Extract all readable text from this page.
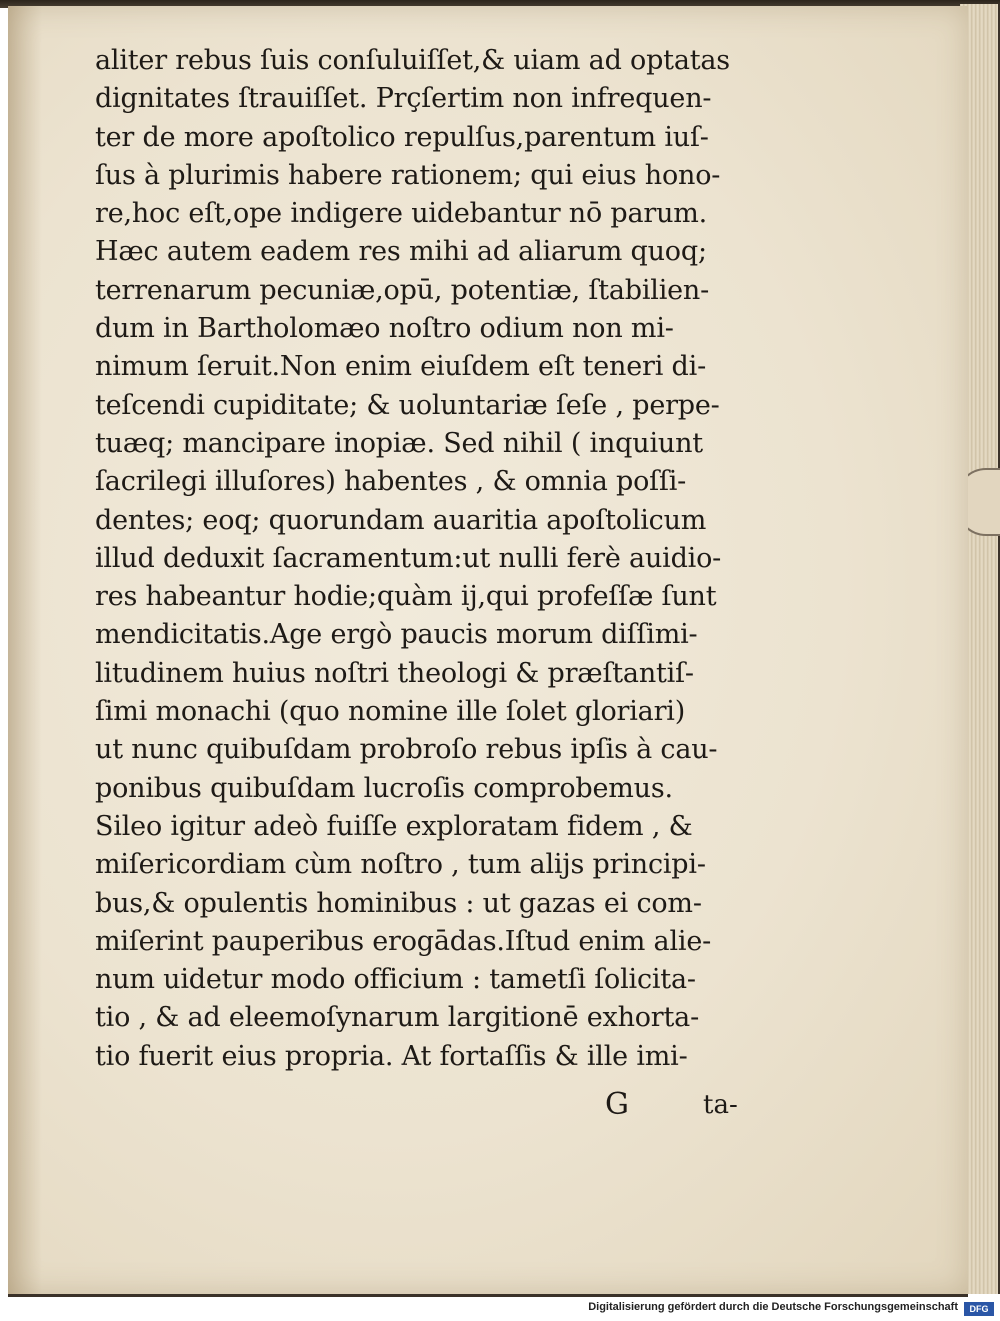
aliter rebus ſuis conſuluiſſet,& uiam ad optatas
dignitates ſtrauiſſet. Prçſertim non infrequen-
ter de more apoſtolico repulſus,parentum iuſ-
ſus à plurimis habere rationem; qui eius hono-
re,hoc eſt,ope indigere uidebantur nō parum.
Hæc autem eadem res mihi ad aliarum quoq;
terrenarum pecuniæ,opū, potentiæ, ſtabilien-
dum in Bartholomæo noſtro odium non mi-
nimum ſeruit.Non enim eiuſdem eſt teneri di-
teſcendi cupiditate; & uoluntariæ ſeſe , perpe-
tuæq; mancipare inopiæ. Sed nihil ( inquiunt
ſacrilegi illuſores) habentes , & omnia poſſi-
dentes; eoq; quorundam auaritia apoſtolicum
illud deduxit ſacramentum:ut nulli ferè auidio-
res habeantur hodie;quàm ij,qui profeſſæ ſunt
mendicitatis.Age ergò paucis morum diſſimi-
litudinem huius noſtri theologi & præſtantiſ-
ſimi monachi (quo nomine ille ſolet gloriari)
ut nunc quibuſdam probroſo rebus ipſis à cau-
ponibus quibuſdam lucroſis comprobemus.
Sileo igitur adeò fuiſſe exploratam fidem , &
miſericordiam cùm noſtro , tum aliјs principi-
bus,& opulentis hominibus : ut gazas ei com-
miſerint pauperibus erogādas.Iſtud enim alie-
num uidetur modo officium : tametſi ſolicita-
tio , & ad eleemoſynarum largitionē exhorta-
tio fuerit eius propria. At fortaſſis & ille imi-
G	ta-
Digitalisierung gefördert durch die Deutsche Forschungsgemeinschaft	DFG
